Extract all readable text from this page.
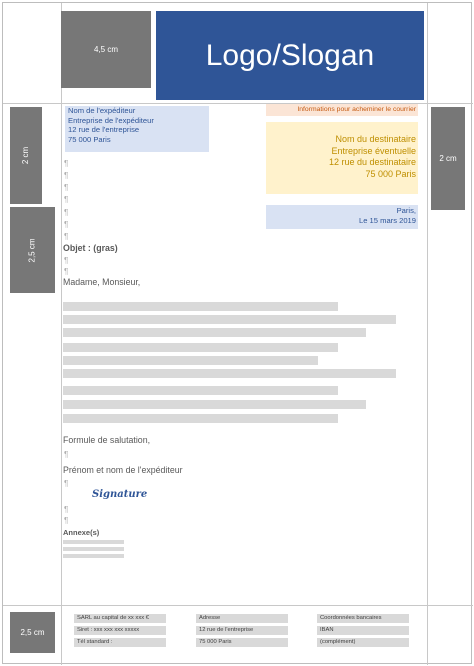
4,5 cm	Logo/Slogan
2 cm
2,5 cm
2 cm
2,5 cm
Nom de l'expéditeur
Entreprise de l'expéditeur
12 rue de l'entreprise
75 000 Paris
Informations pour acheminer le courrier
Nom du destinataire
Entreprise éventuelle
12 rue du destinataire
75 000 Paris
Paris,
Le 15 mars 2019
¶
¶
¶
¶
¶
¶
¶
¶
¶
¶
¶
¶
¶
Objet : (gras)
Madame, Monsieur,
Formule de salutation,
Prénom et nom de l'expéditeur
Signature
Annexe(s)
SARL au capital de xx xxx €
Siret : xxx xxx xxx xxxxx
Tél standard :
Adresse
12 rue de l'entreprise
75 000 Paris
Coordonnées bancaires
IBAN
(complément)
